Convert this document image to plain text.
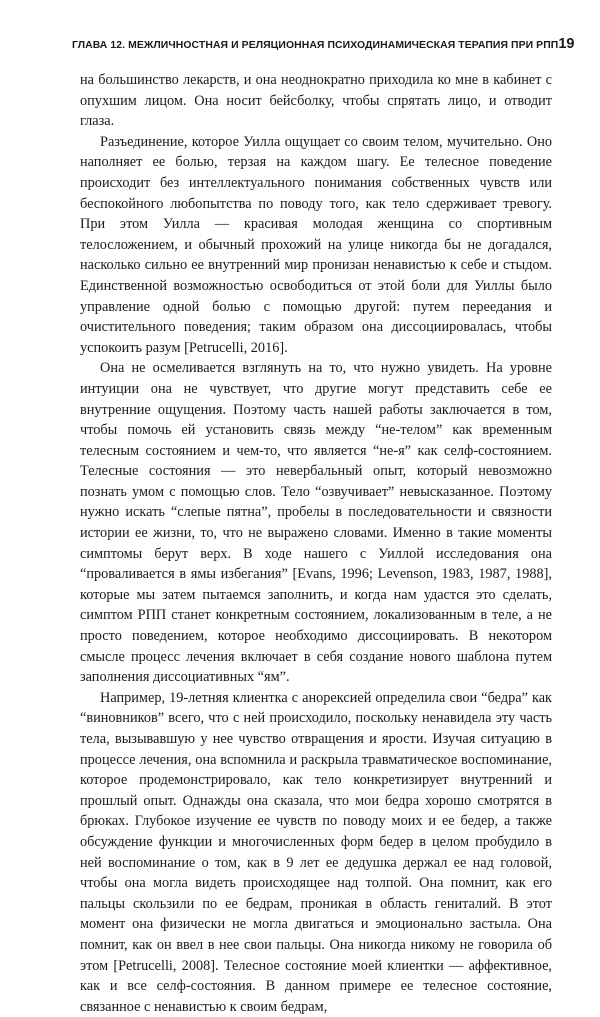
ГЛАВА 12. МЕЖЛИЧНОСТНАЯ И РЕЛЯЦИОННАЯ ПСИХОДИНАМИЧЕСКАЯ ТЕРАПИЯ ПРИ РПП 19

на большинство лекарств, и она неоднократно приходила ко мне в кабинет с опухшим лицом. Она носит бейсболку, чтобы спрятать лицо, и отводит глаза.

Разъединение, которое Уилла ощущает со своим телом, мучительно. Оно наполняет ее болью, терзая на каждом шагу. Ее телесное поведение происходит без интеллектуального понимания собственных чувств или беспокойного любопытства по поводу того, как тело сдерживает тревогу. При этом Уилла — красивая молодая женщина со спортивным телосложением, и обычный прохожий на улице никогда бы не догадался, насколько сильно ее внутренний мир пронизан ненавистью к себе и стыдом. Единственной возможностью освободиться от этой боли для Уиллы было управление одной болью с помощью другой: путем переедания и очистительного поведения; таким образом она диссоциировалась, чтобы успокоить разум [Petrucelli, 2016].

Она не осмеливается взглянуть на то, что нужно увидеть. На уровне интуиции она не чувствует, что другие могут представить себе ее внутренние ощущения. Поэтому часть нашей работы заключается в том, чтобы помочь ей установить связь между “не-телом” как временным телесным состоянием и чем-то, что является “не-я” как селф-состоянием. Телесные состояния — это невербальный опыт, который невозможно познать умом с помощью слов. Тело “озвучивает” невысказанное. Поэтому нужно искать “слепые пятна”, пробелы в последовательности и связности истории ее жизни, то, что не выражено словами. Именно в такие моменты симптомы берут верх. В ходе нашего с Уиллой исследования она “проваливается в ямы избегания” [Evans, 1996; Levenson, 1983, 1987, 1988], которые мы затем пытаемся заполнить, и когда нам удастся это сделать, симптом РПП станет конкретным состоянием, локализованным в теле, а не просто поведением, которое необходимо диссоциировать. В некотором смысле процесс лечения включает в себя создание нового шаблона путем заполнения диссоциативных “ям”.

Например, 19-летняя клиентка с анорексией определила свои “бедра” как “виновников” всего, что с ней происходило, поскольку ненавидела эту часть тела, вызывавшую у нее чувство отвращения и ярости. Изучая ситуацию в процессе лечения, она вспомнила и раскрыла травматическое воспоминание, которое продемонстрировало, как тело конкретизирует внутренний и прошлый опыт. Однажды она сказала, что мои бедра хорошо смотрятся в брюках. Глубокое изучение ее чувств по поводу моих и ее бедер, а также обсуждение функции и многочисленных форм бедер в целом пробудило в ней воспоминание о том, как в 9 лет ее дедушка держал ее над головой, чтобы она могла видеть происходящее над толпой. Она помнит, как его пальцы скользили по ее бедрам, проникая в область гениталий. В этот момент она физически не могла двигаться и эмоционально застыла. Она помнит, как он ввел в нее свои пальцы. Она никогда никому не говорила об этом [Petrucelli, 2008]. Телесное состояние моей клиентки — аффективное, как и все селф-состояния. В данном примере ее телесное состояние, связанное с ненавистью к своим бедрам,
